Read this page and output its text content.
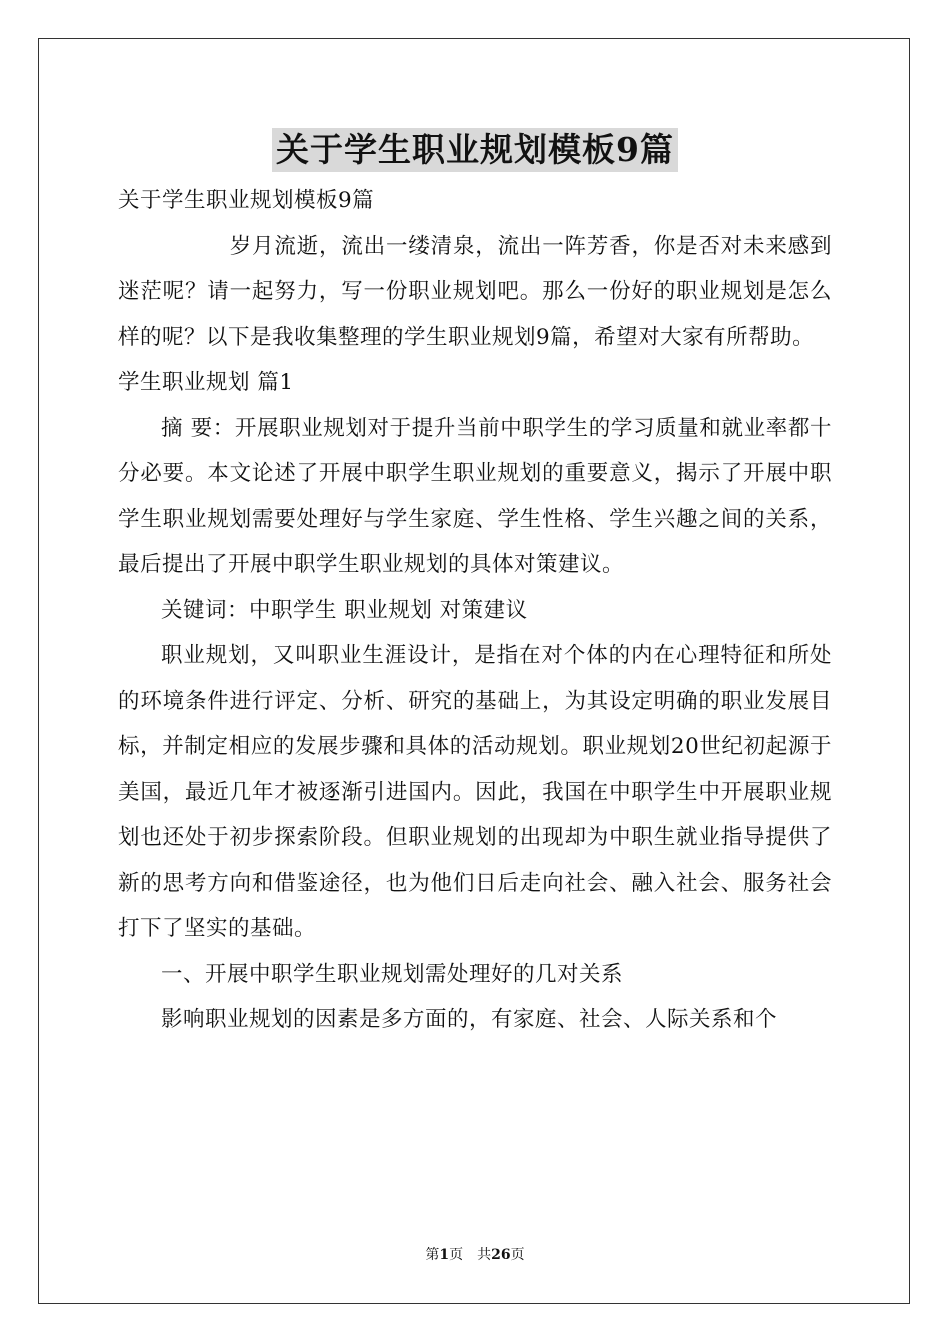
关于学生职业规划模板9篇

关于学生职业规划模板9篇

岁月流逝，流出一缕清泉，流出一阵芳香，你是否对未来感到迷茫呢？请一起努力，写一份职业规划吧。那么一份好的职业规划是怎么样的呢？以下是我收集整理的学生职业规划9篇，希望对大家有所帮助。

学生职业规划 篇1

摘 要：开展职业规划对于提升当前中职学生的学习质量和就业率都十分必要。本文论述了开展中职学生职业规划的重要意义，揭示了开展中职学生职业规划需要处理好与学生家庭、学生性格、学生兴趣之间的关系，最后提出了开展中职学生职业规划的具体对策建议。

关键词：中职学生 职业规划 对策建议

职业规划，又叫职业生涯设计，是指在对个体的内在心理特征和所处的环境条件进行评定、分析、研究的基础上，为其设定明确的职业发展目标，并制定相应的发展步骤和具体的活动规划。职业规划20世纪初起源于美国，最近几年才被逐渐引进国内。因此，我国在中职学生中开展职业规划也还处于初步探索阶段。但职业规划的出现却为中职生就业指导提供了新的思考方向和借鉴途径，也为他们日后走向社会、融入社会、服务社会打下了坚实的基础。

一、开展中职学生职业规划需处理好的几对关系

影响职业规划的因素是多方面的，有家庭、社会、人际关系和个

第1页　共26页
